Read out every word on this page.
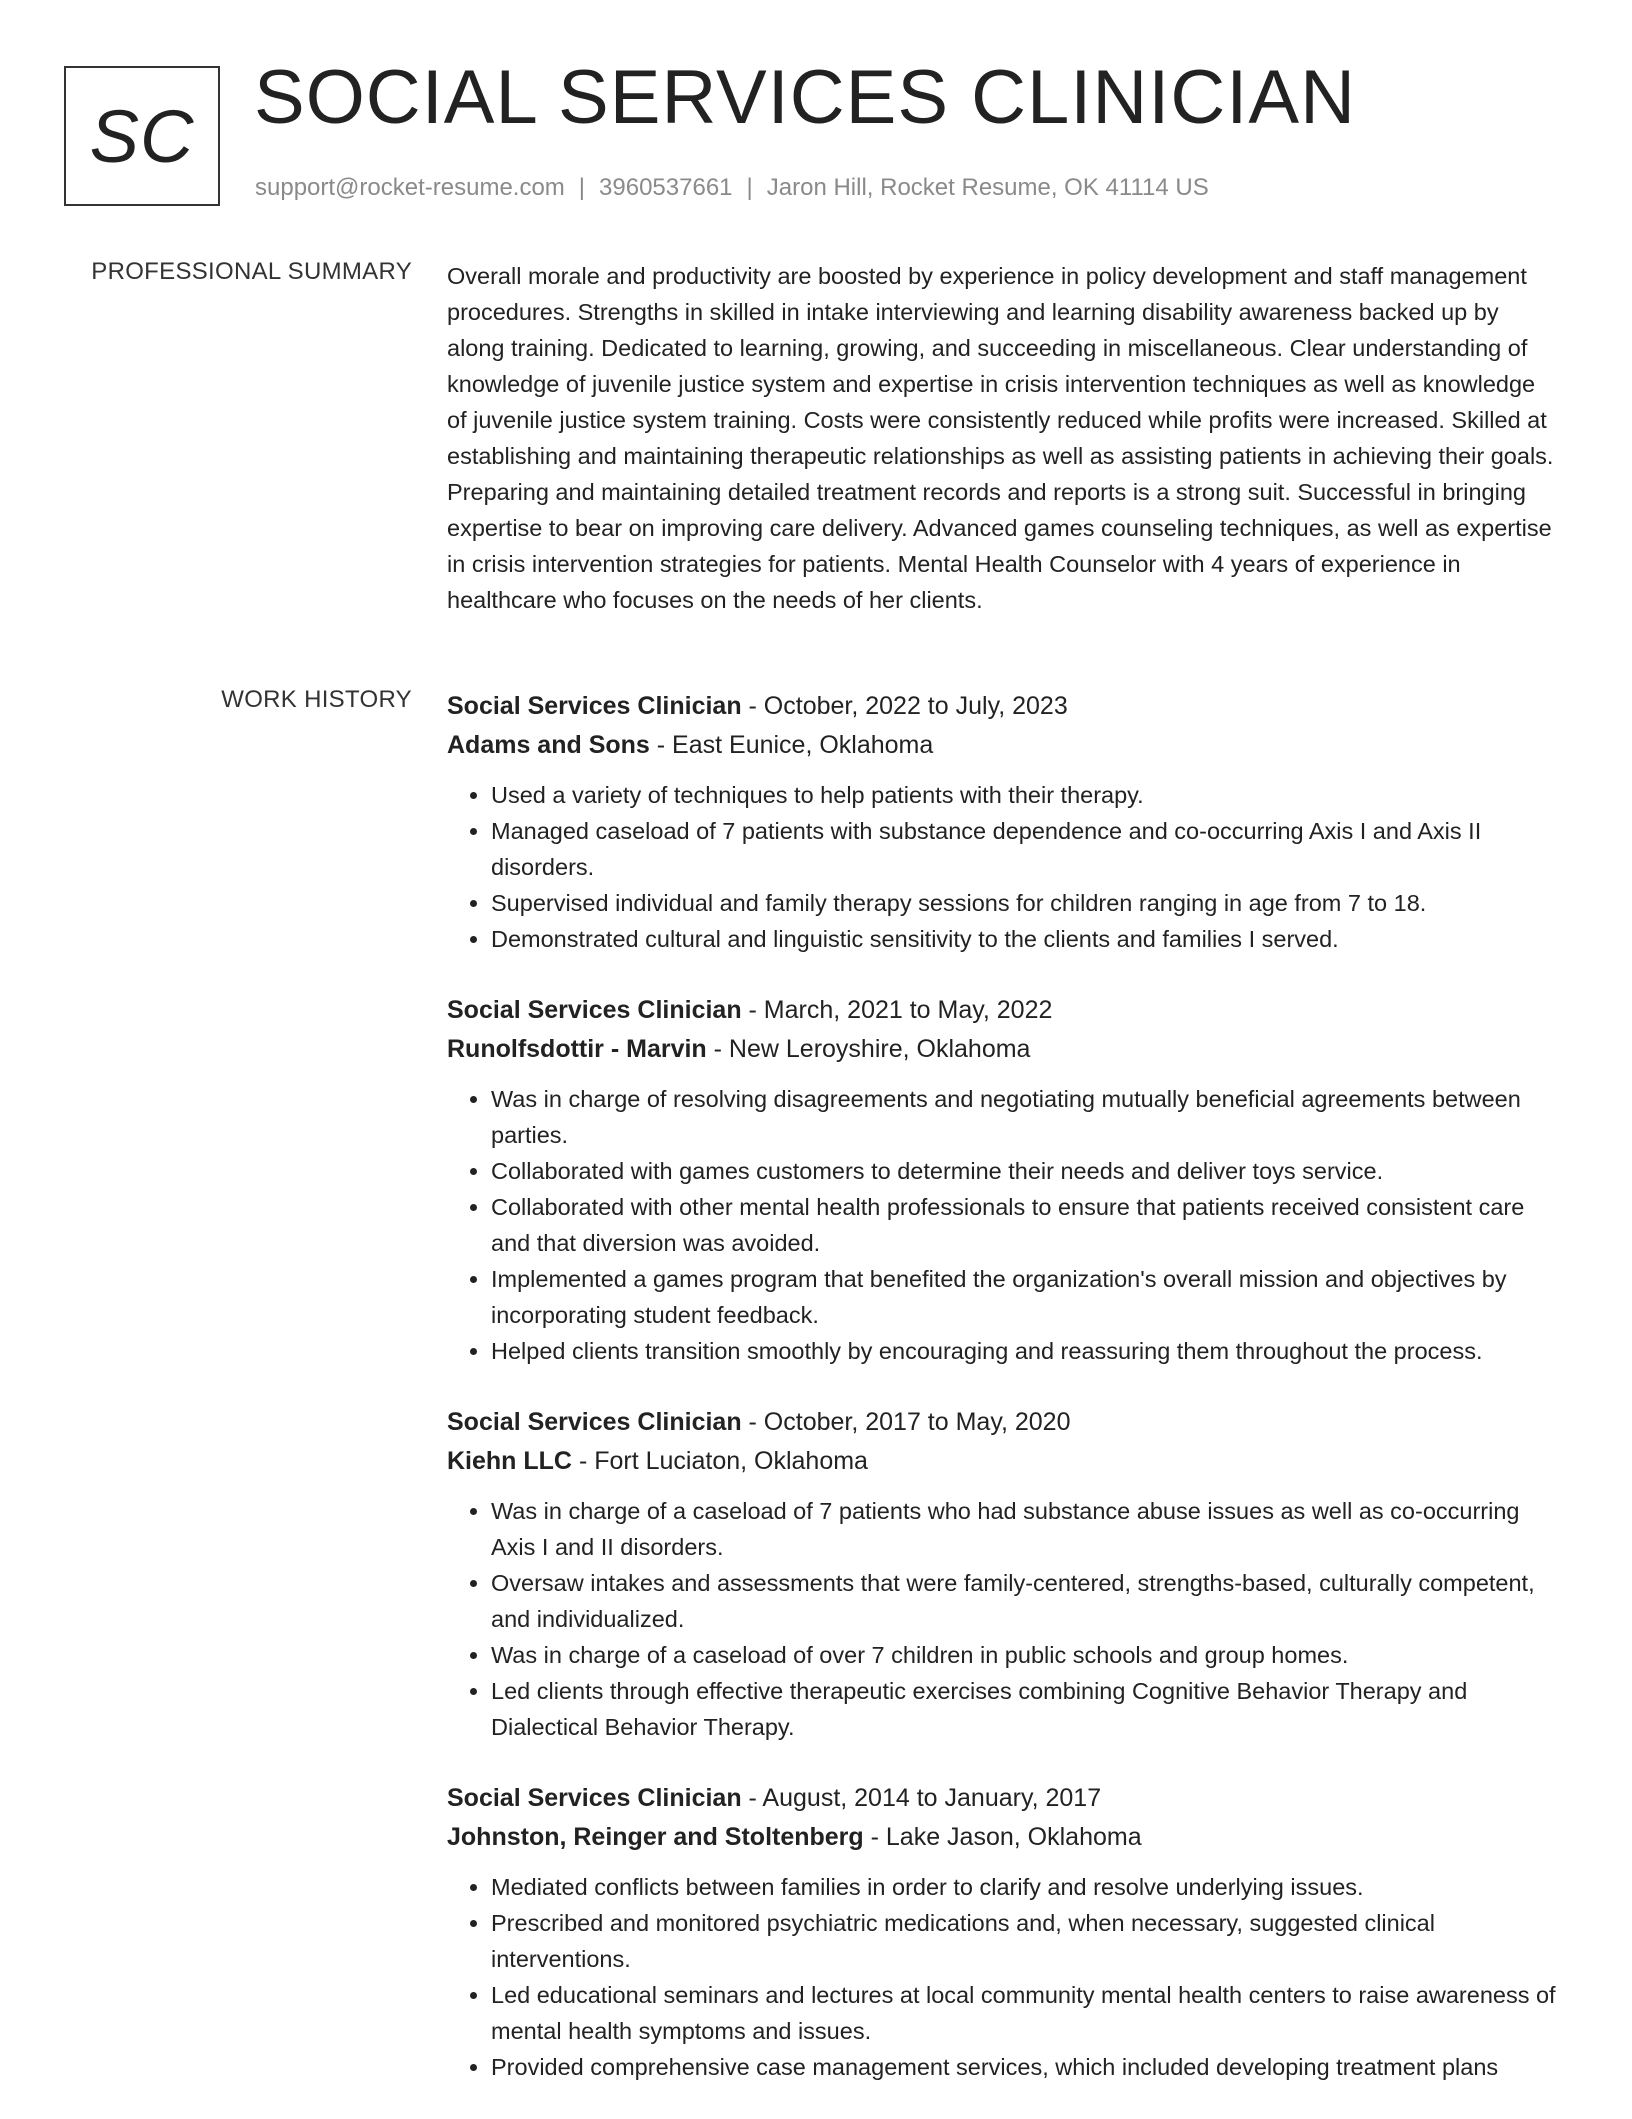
SC SOCIAL SERVICES CLINICIAN
support@rocket-resume.com | 3960537661 | Jaron Hill, Rocket Resume, OK 41114 US
PROFESSIONAL SUMMARY Overall morale and productivity are boosted by experience in policy development and staff management procedures. Strengths in skilled in intake interviewing and learning disability awareness backed up by along training. Dedicated to learning, growing, and succeeding in miscellaneous. Clear understanding of knowledge of juvenile justice system and expertise in crisis intervention techniques as well as knowledge of juvenile justice system training. Costs were consistently reduced while profits were increased. Skilled at establishing and maintaining therapeutic relationships as well as assisting patients in achieving their goals. Preparing and maintaining detailed treatment records and reports is a strong suit. Successful in bringing expertise to bear on improving care delivery. Advanced games counseling techniques, as well as expertise in crisis intervention strategies for patients. Mental Health Counselor with 4 years of experience in healthcare who focuses on the needs of her clients.

WORK HISTORY Social Services Clinician - October, 2022 to July, 2023
Adams and Sons - East Eunice, Oklahoma
• Used a variety of techniques to help patients with their therapy.
• Managed caseload of 7 patients with substance dependence and co-occurring Axis I and Axis II disorders.
• Supervised individual and family therapy sessions for children ranging in age from 7 to 18.
• Demonstrated cultural and linguistic sensitivity to the clients and families I served.
Social Services Clinician - March, 2021 to May, 2022
Runolfsdottir - Marvin - New Leroyshire, Oklahoma
• Was in charge of resolving disagreements and negotiating mutually beneficial agreements between parties.
• Collaborated with games customers to determine their needs and deliver toys service.
• Collaborated with other mental health professionals to ensure that patients received consistent care and that diversion was avoided.
• Implemented a games program that benefited the organization's overall mission and objectives by incorporating student feedback.
• Helped clients transition smoothly by encouraging and reassuring them throughout the process.
Social Services Clinician - October, 2017 to May, 2020
Kiehn LLC - Fort Luciaton, Oklahoma
• Was in charge of a caseload of 7 patients who had substance abuse issues as well as co-occurring Axis I and II disorders.
• Oversaw intakes and assessments that were family-centered, strengths-based, culturally competent, and individualized.
• Was in charge of a caseload of over 7 children in public schools and group homes.
• Led clients through effective therapeutic exercises combining Cognitive Behavior Therapy and Dialectical Behavior Therapy.
Social Services Clinician - August, 2014 to January, 2017
Johnston, Reinger and Stoltenberg - Lake Jason, Oklahoma
• Mediated conflicts between families in order to clarify and resolve underlying issues.
• Prescribed and monitored psychiatric medications and, when necessary, suggested clinical interventions.
• Led educational seminars and lectures at local community mental health centers to raise awareness of mental health symptoms and issues.
• Provided comprehensive case management services, which included developing treatment plans
